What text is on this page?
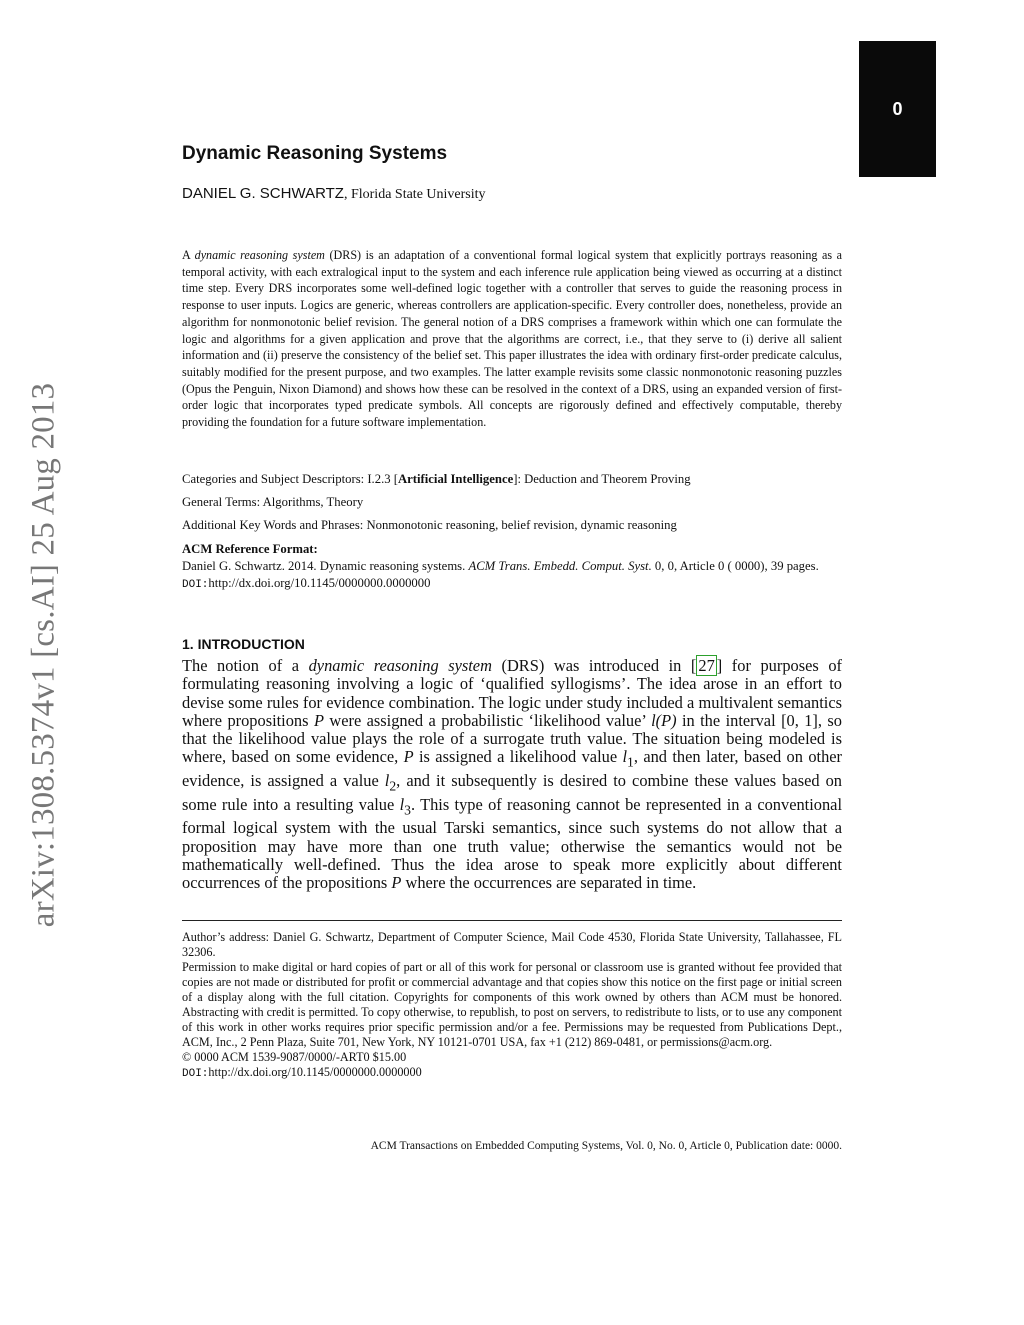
arXiv:1308.5374v1 [cs.AI] 25 Aug 2013
0
Dynamic Reasoning Systems
DANIEL G. SCHWARTZ, Florida State University

A dynamic reasoning system (DRS) is an adaptation of a conventional formal logical system that explicitly portrays reasoning as a temporal activity, with each extralogical input to the system and each inference rule application being viewed as occurring at a distinct time step. Every DRS incorporates some well-defined logic together with a controller that serves to guide the reasoning process in response to user inputs. Logics are generic, whereas controllers are application-specific. Every controller does, nonetheless, provide an algorithm for nonmonotonic belief revision. The general notion of a DRS comprises a framework within which one can formulate the logic and algorithms for a given application and prove that the algorithms are correct, i.e., that they serve to (i) derive all salient information and (ii) preserve the consistency of the belief set. This paper illustrates the idea with ordinary first-order predicate calculus, suitably modified for the present purpose, and two examples. The latter example revisits some classic nonmonotonic reasoning puzzles (Opus the Penguin, Nixon Diamond) and shows how these can be resolved in the context of a DRS, using an expanded version of first-order logic that incorporates typed predicate symbols. All concepts are rigorously defined and effectively computable, thereby providing the foundation for a future software implementation.

Categories and Subject Descriptors: I.2.3 [Artificial Intelligence]: Deduction and Theorem Proving

General Terms: Algorithms, Theory

Additional Key Words and Phrases: Nonmonotonic reasoning, belief revision, dynamic reasoning

ACM Reference Format:

Daniel G. Schwartz. 2014. Dynamic reasoning systems. ACM Trans. Embedd. Comput. Syst. 0, 0, Article 0 ( 0000), 39 pages.

DOI:http://dx.doi.org/10.1145/0000000.0000000

1. INTRODUCTION

The notion of a dynamic reasoning system (DRS) was introduced in [ 27 ] for purposes of formulating reasoning involving a logic of ‘qualified syllogisms’. The idea arose in an effort to devise some rules for evidence combination. The logic under study included a multivalent semantics where propositions P were assigned a probabilistic ‘likelihood value’ l(P) in the interval [0, 1], so that the likelihood value plays the role of a surrogate truth value. The situation being modeled is where, based on some evidence, P is assigned a likelihood value $l_1$, and then later, based on other evidence, is assigned a value $l_2$, and it subsequently is desired to combine these values based on some rule into a resulting value $l_3$. This type of reasoning cannot be represented in a conventional formal logical system with the usual Tarski semantics, since such systems do not allow that a proposition may have more than one truth value; otherwise the semantics would not be mathematically well-defined. Thus the idea arose to speak more explicitly about different occurrences of the propositions P where the occurrences are separated in time.

Author’s address: Daniel G. Schwartz, Department of Computer Science, Mail Code 4530, Florida State University, Tallahassee, FL 32306.

Permission to make digital or hard copies of part or all of this work for personal or classroom use is granted without fee provided that copies are not made or distributed for profit or commercial advantage and that copies show this notice on the first page or initial screen of a display along with the full citation. Copyrights for components of this work owned by others than ACM must be honored. Abstracting with credit is permitted. To copy otherwise, to republish, to post on servers, to redistribute to lists, or to use any component of this work in other works requires prior specific permission and/or a fee. Permissions may be requested from Publications Dept., ACM, Inc., 2 Penn Plaza, Suite 701, New York, NY 10121-0701 USA, fax +1 (212) 869-0481, or permissions@acm.org.

© 0000 ACM 1539-9087/0000/-ART0 $15.00

DOI:http://dx.doi.org/10.1145/0000000.0000000

ACM Transactions on Embedded Computing Systems, Vol. 0, No. 0, Article 0, Publication date: 0000.
